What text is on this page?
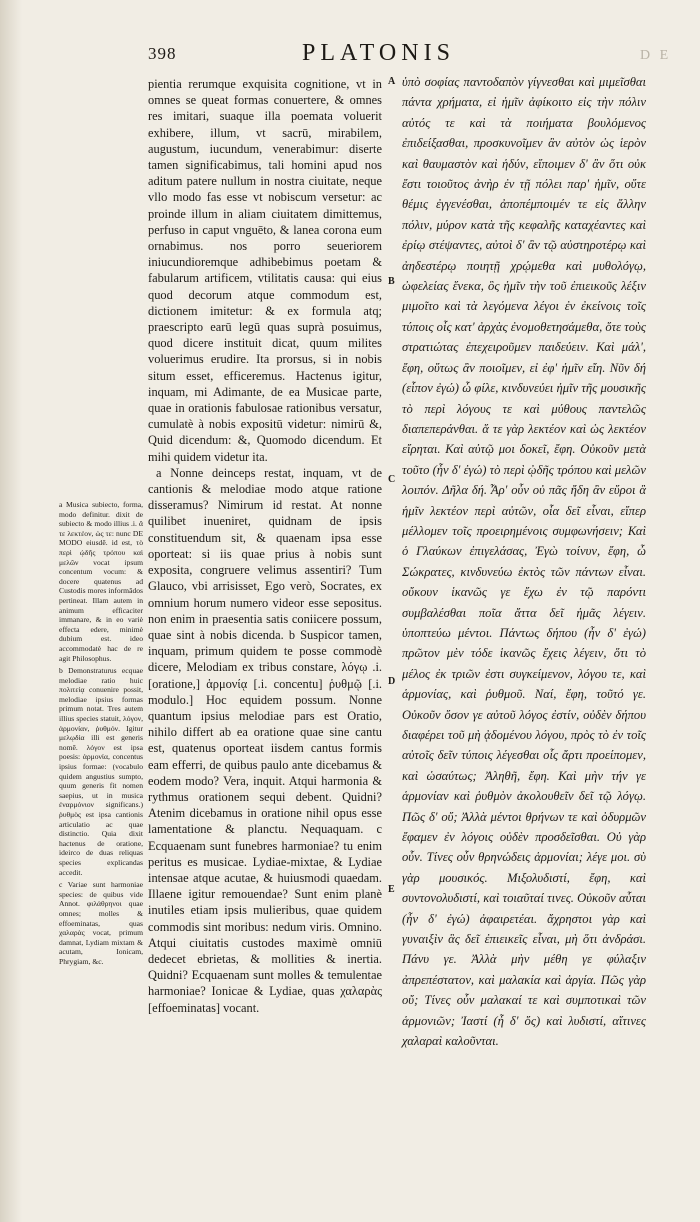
398	PLATONIS	D E

pientia rerumque exquisita cognitione, vt in omnes se queat formas conuertere, & omnes res imitari, suaque illa poemata voluerit exhibere, illum, vt sacrū, mirabilem, augustum, iucundum, venerabimur: diserte tamen significabimus, tali homini apud nos aditum patere nullum in nostra ciuitate, neque vllo modo fas esse vt nobiscum versetur: ac proinde illum in aliam ciuitatem dimittemus, perfuso in caput vnguēto, & lanea corona eum ornabimus. nos porro seueriorem iniucundioremque adhibebimus poetam & fabularum artificem, vtilitatis causa: qui eius quod decorum atque commodum est, dictionem imitetur: & ex formula atq; praescripto earū legū quas suprà posuimus, quod dicere instituit dicat, quum milites voluerimus erudire. Ita prorsus, si in nobis situm esset, efficeremus. Hactenus igitur, inquam, mi Adimante, de ea Musicae parte, quae in orationis fabulosae rationibus versatur, cumulatè à nobis expositū videtur: nimirū &, Quid dicendum: &, Quomodo dicendum. Et mihi quidem videtur ita.

a Nonne deinceps restat, inquam, vt de cantionis & melodiae modo atque ratione disseramus? Nimirum id restat. At nonne quilibet inueniret, quidnam de ipsis constituendum sit, & quaenam ipsa esse oporteat: si iis quae prius à nobis sunt exposita, congruere velimus assentiri? Tum Glauco, vbi arrisisset, Ego verò, Socrates, ex omnium horum numero videor esse sepositus. non enim in praesentia satis coniicere possum, quae sint à nobis dicenda. b Suspicor tamen, inquam, primum quidem te posse commodè dicere, Melodiam ex tribus constare, λόγῳ .i. [oratione,] ἁρμονίᾳ [.i. concentu] ῥυθμῷ [.i. modulo.] Hoc equidem possum. Nonne quantum ipsius melodiae pars est Oratio, nihilo differt ab ea oratione quae sine cantu est, quatenus oporteat iisdem cantus formis eam efferri, de quibus paulo ante dicebamus & eodem modo? Vera, inquit. Atqui harmonia & rythmus orationem sequi debent. Quidni? Atenim dicebamus in oratione nihil opus esse lamentatione & planctu. Nequaquam. c Ecquaenam sunt funebres harmoniae? tu enim peritus es musicae. Lydiae-mixtae, & Lydiae intensae atque acutae, & huiusmodi quaedam. Illaene igitur remouendae? Sunt enim planè inutiles etiam ipsis mulieribus, quae quidem commodis sint moribus: nedum viris. Omnino. Atqui ciuitatis custodes maximè omniū dedecet ebrietas, & mollities & inertia. Quidni? Ecquaenam sunt molles & temulentae harmoniae? Ionicae & Lydiae, quas χαλαρὰς [effoeminatas] vocant.

a Musica subiecto, forma, modo definitur. dixit de subiecto & modo illius .i. ἃ τε λεκτέον, ὡς τε: nunc DE MODO eiusdē. id est, τὸ περὶ ᾠδῆς τρόπου καὶ μελῶν vocat ipsum concentum vocum: & docere quatenus ad Custodis mores informādos pertineat. Illam autem in animum efficaciter immanare, & in eo variè effecta edere, minimè dubium est. ideo accommodatè hac de re agit Philosophus.

b Demonstraturus ecquae melodiae ratio huic πολιτείᾳ conuenire possit, melodiae ipsius formas primum notat. Tres autem illius species statuit, λόγον, ἁρμονίαν, ῥυθμόν. Igitur μελῳδία illi est generis nomē. λόγον est ipsa poesis: ἁρμονία, concentus ipsius formae: (vocabulo quidem angustius sumpto, quum generis fit nomen saepius, ut in musica ἐναρμόνιον significans.) ῥυθμὸς est ipsa cantionis articulatio ac quae distinctio. Quia dixit hactenus de oratione, ideirco de duas reliquas species explicandas accedit.

c Variae sunt harmoniae species: de quibus vide Annot. φιλάθρηνοι quae omnes; molles & effoeminatas, quas χαλαρὰς vocat, primum damnat, Lydiam mixtam & acutam, Ionicam, Phrygiam, &c.

A
B
C
D
E

ὑπὸ σοφίας παντοδαπὸν γίγνεσθαι καὶ μιμεῖσθαι πάντα χρήματα, εἰ ἡμῖν ἀφίκοιτο εἰς τὴν πόλιν αὐτός τε καὶ τὰ ποιήματα βουλόμενος ἐπιδείξασθαι, προσκυνοῖμεν ἂν αὐτὸν ὡς ἱερὸν καὶ θαυμαστὸν καὶ ἡδύν, εἴποιμεν δ' ἂν ὅτι οὐκ ἔστι τοιοῦτος ἀνὴρ ἐν τῇ πόλει παρ' ἡμῖν, οὔτε θέμις ἐγγενέσθαι, ἀποπέμποιμέν τε εἰς ἄλλην πόλιν, μύρον κατὰ τῆς κεφαλῆς καταχέαντες καὶ ἐρίῳ στέψαντες, αὐτοὶ δ' ἂν τῷ αὐστηροτέρῳ καὶ ἀηδεστέρῳ ποιητῇ χρῴμεθα καὶ μυθολόγῳ, ὠφελείας ἕνεκα, ὃς ἡμῖν τὴν τοῦ ἐπιεικοῦς λέξιν μιμοῖτο καὶ τὰ λεγόμενα λέγοι ἐν ἐκείνοις τοῖς τύποις οἷς κατ' ἀρχὰς ἐνομοθετησάμεθα, ὅτε τοὺς στρατιώτας ἐπεχειροῦμεν παιδεύειν. Καὶ μάλ', ἔφη, οὕτως ἂν ποιοῖμεν, εἰ ἐφ' ἡμῖν εἴη. Νῦν δή (εἶπον ἐγώ) ὦ φίλε, κινδυνεύει ἡμῖν τῆς μουσικῆς τὸ περὶ λόγους τε καὶ μύθους παντελῶς διαπεπεράνθαι. ἅ τε γὰρ λεκτέον καὶ ὡς λεκτέον εἴρηται. Καὶ αὐτῷ μοι δοκεῖ, ἔφη. Οὐκοῦν μετὰ τοῦτο (ἦν δ' ἐγώ) τὸ περὶ ᾠδῆς τρόπου καὶ μελῶν λοιπόν. Δῆλα δή. Ἆρ' οὖν οὐ πᾶς ἤδη ἂν εὕροι ἃ ἡμῖν λεκτέον περὶ αὐτῶν, οἷα δεῖ εἶναι, εἴπερ μέλλομεν τοῖς προειρημένοις συμφωνήσειν; Καὶ ὁ Γλαύκων ἐπιγελάσας, Ἐγὼ τοίνυν, ἔφη, ὦ Σώκρατες, κινδυνεύω ἐκτὸς τῶν πάντων εἶναι. οὔκουν ἱκανῶς γε ἔχω ἐν τῷ παρόντι συμβαλέσθαι ποῖα ἄττα δεῖ ἡμᾶς λέγειν. ὑποπτεύω μέντοι. Πάντως δήπου (ἦν δ' ἐγώ) πρῶτον μὲν τόδε ἱκανῶς ἔχεις λέγειν, ὅτι τὸ μέλος ἐκ τριῶν ἐστι συγκείμενον, λόγου τε, καὶ ἁρμονίας, καὶ ῥυθμοῦ. Ναί, ἔφη, τοῦτό γε. Οὐκοῦν ὅσον γε αὐτοῦ λόγος ἐστίν, οὐδὲν δήπου διαφέρει τοῦ μὴ ᾀδομένου λόγου, πρὸς τὸ ἐν τοῖς αὐτοῖς δεῖν τύποις λέγεσθαι οἷς ἄρτι προείπομεν, καὶ ὡσαύτως; Ἀληθῆ, ἔφη. Καὶ μὴν τήν γε ἁρμονίαν καὶ ῥυθμὸν ἀκολουθεῖν δεῖ τῷ λόγῳ. Πῶς δ' οὔ; Ἀλλὰ μέντοι θρήνων τε καὶ ὀδυρμῶν ἔφαμεν ἐν λόγοις οὐδὲν προσδεῖσθαι. Οὐ γὰρ οὖν. Τίνες οὖν θρηνώδεις ἁρμονίαι; λέγε μοι. σὺ γὰρ μουσικός. Μιξολυδιστί, ἔφη, καὶ συντονολυδιστί, καὶ τοιαῦταί τινες. Οὐκοῦν αὗται (ἦν δ' ἐγώ) ἀφαιρετέαι. ἄχρηστοι γὰρ καὶ γυναιξὶν ἃς δεῖ ἐπιεικεῖς εἶναι, μὴ ὅτι ἀνδράσι. Πάνυ γε. Ἀλλὰ μὴν μέθη γε φύλαξιν ἀπρεπέστατον, καὶ μαλακία καὶ ἀργία. Πῶς γὰρ οὔ; Τίνες οὖν μαλακαί τε καὶ συμποτικαὶ τῶν ἁρμονιῶν; Ἰαστί (ἦ δ' ὅς) καὶ λυδιστί, αἵτινες χαλαραὶ καλοῦνται.
